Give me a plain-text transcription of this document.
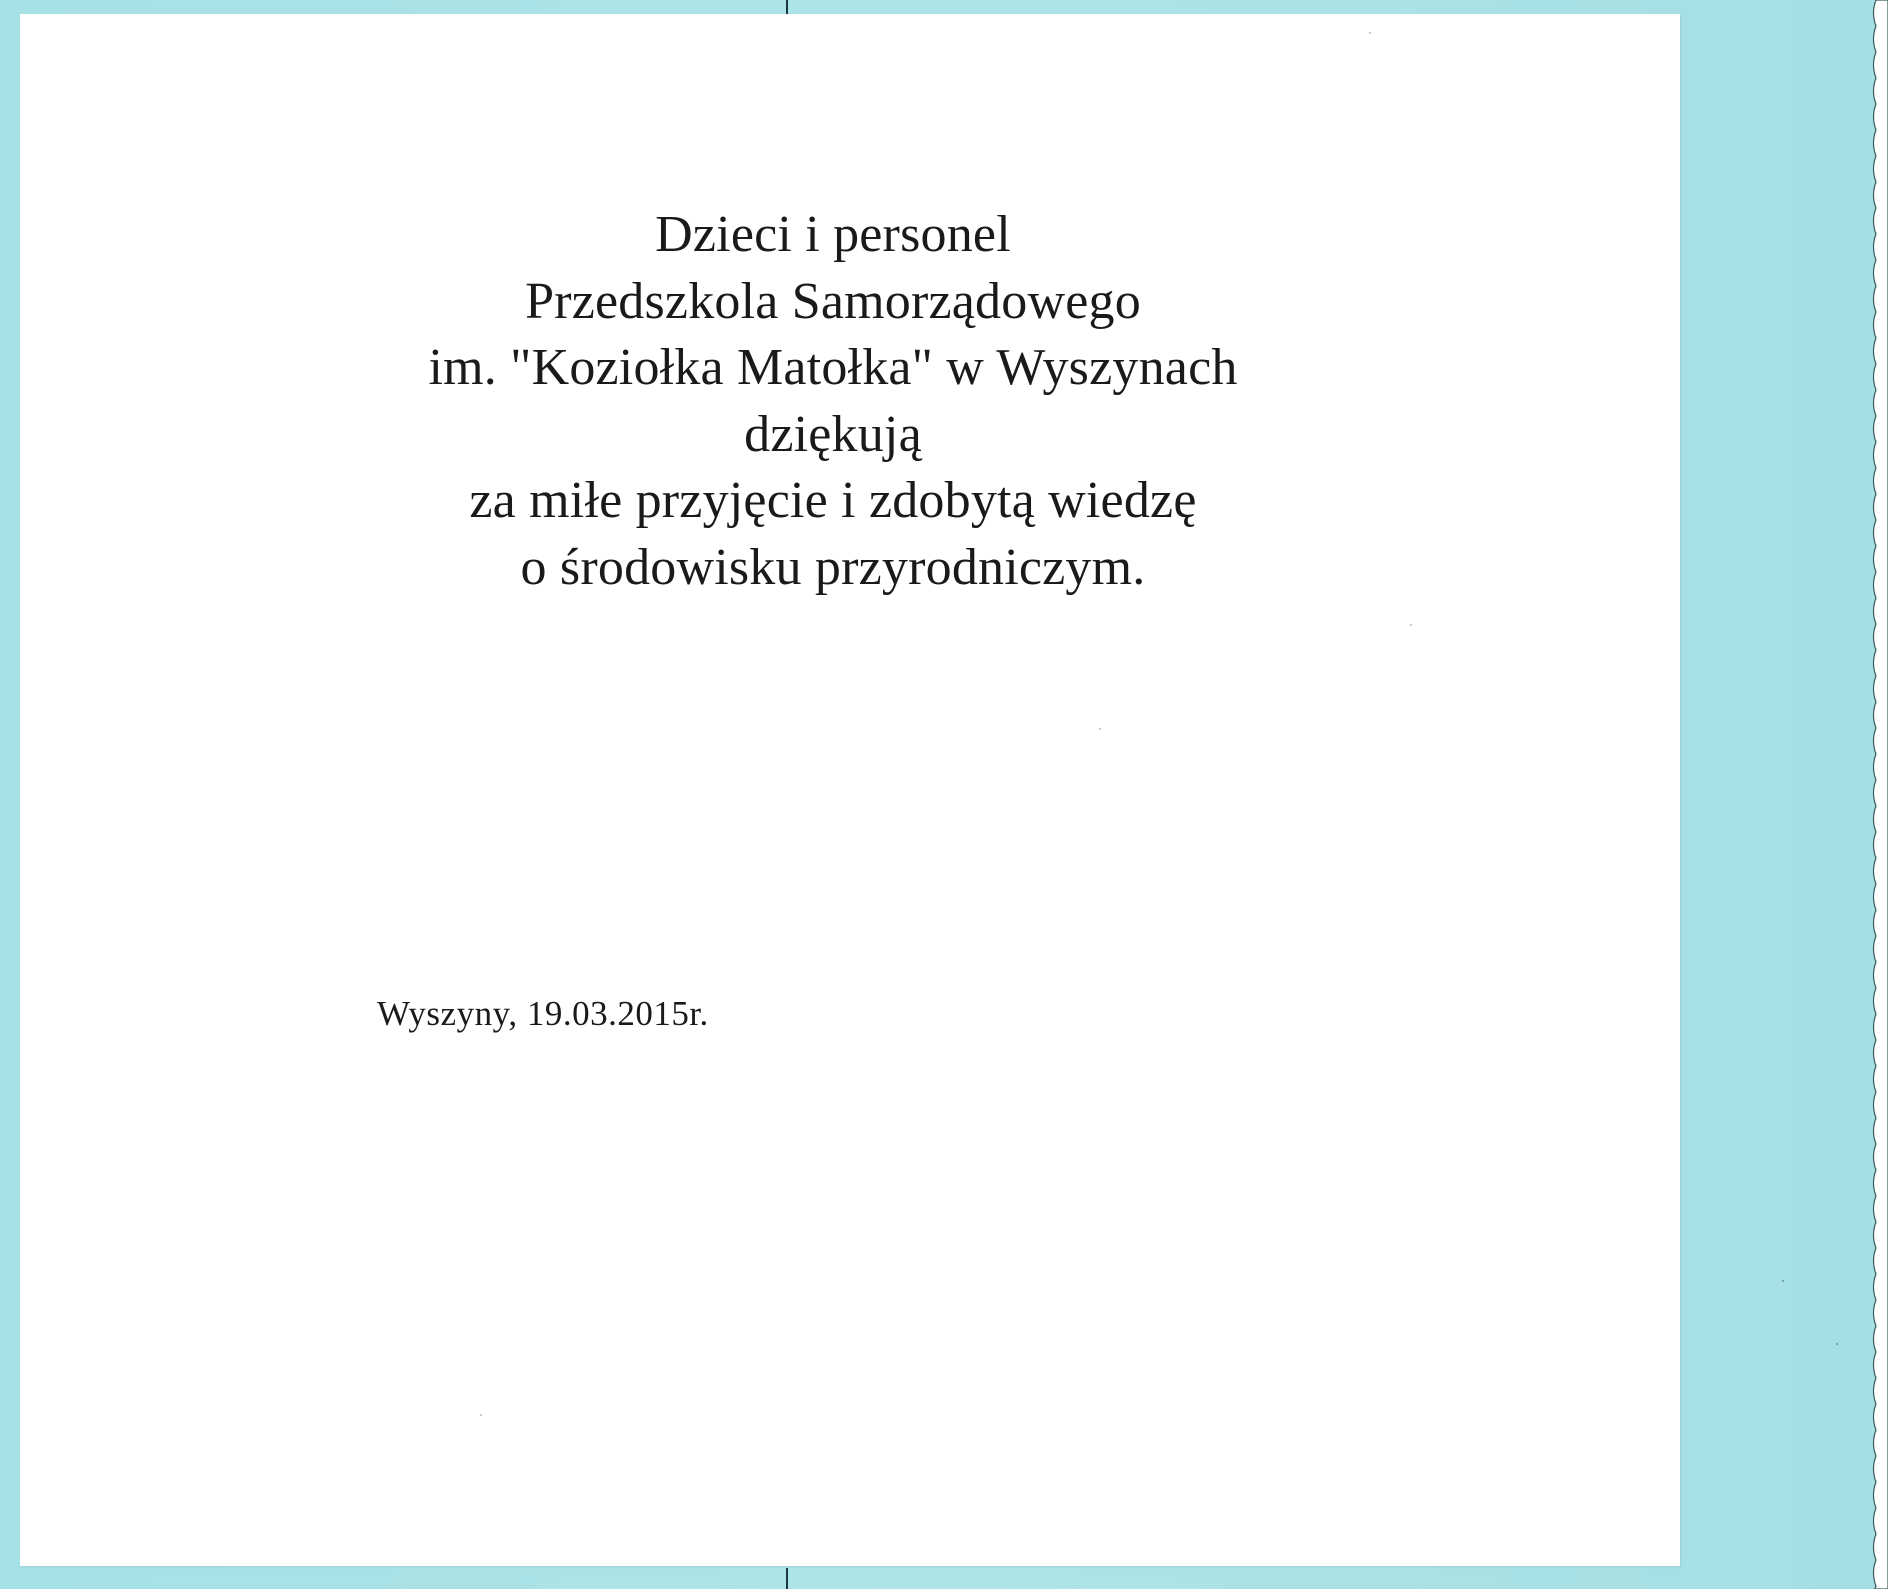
Dzieci i personel
Przedszkola Samorządowego
im. "Koziołka Matołka" w Wyszynach
dziękują
za miłe przyjęcie i zdobytą wiedzę
o środowisku przyrodniczym.
Wyszyny, 19.03.2015r.
